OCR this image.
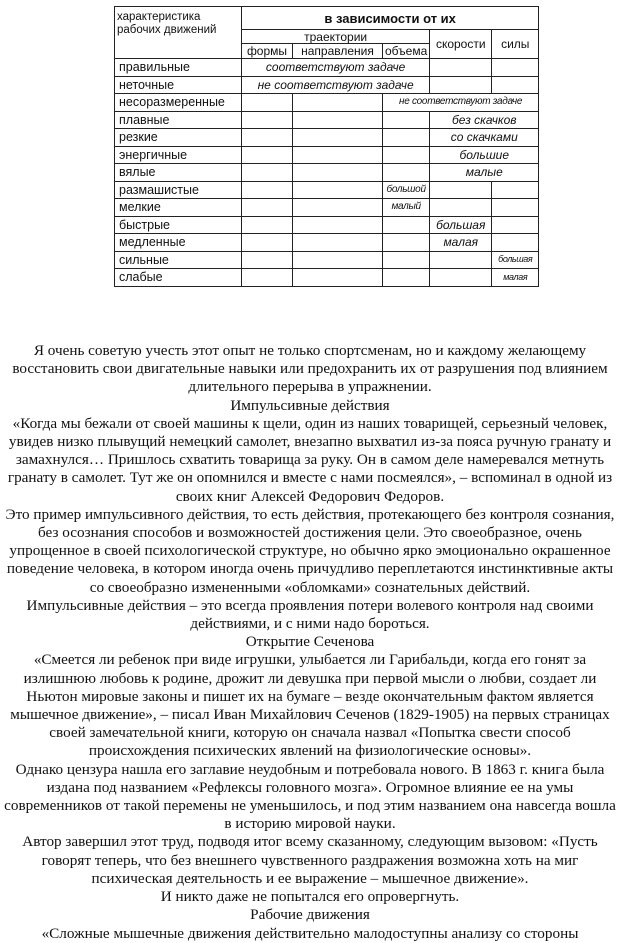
характеристика рабочих движений	в зависимости от их				
	траектории			скорости	силы
	формы	направления	объема		
правильные	соответствуют задаче				
неточные	не соответствуют задаче				
несоразмеренные			не соответствуют задаче		
плавные				без скачков	
резкие				со скачками	
энергичные				большие	
вялые				малые	
размашистые			большой		
мелкие			малый		
быстрые				большая	
медленные				малая	
сильные					большая
слабые					малая

Я очень советую учесть этот опыт не только спортсменам, но и каждому желающему восстановить свои двигательные навыки или предохранить их от разрушения под влиянием длительного перерыва в упражнении.

Импульсивные действия

«Когда мы бежали от своей машины к щели, один из наших товарищей, серьезный человек, увидев низко плывущий немецкий самолет, внезапно выхватил из-за пояса ручную гранату и замахнулся… Пришлось схватить товарища за руку. Он в самом деле намеревался метнуть гранату в самолет. Тут же он опомнился и вместе с нами посмеялся», – вспоминал в одной из своих книг Алексей Федорович Федоров.

Это пример импульсивного действия, то есть действия, протекающего без контроля сознания, без осознания способов и возможностей достижения цели. Это своеобразное, очень упрощенное в своей психологической структуре, но обычно ярко эмоционально окрашенное поведение человека, в котором иногда очень причудливо переплетаются инстинктивные акты со своеобразно измененными «обломками» сознательных действий.

Импульсивные действия – это всегда проявления потери волевого контроля над своими действиями, и с ними надо бороться.

Открытие Сеченова

«Смеется ли ребенок при виде игрушки, улыбается ли Гарибальди, когда его гонят за излишнюю любовь к родине, дрожит ли девушка при первой мысли о любви, создает ли Ньютон мировые законы и пишет их на бумаге – везде окончательным фактом является мышечное движение», – писал Иван Михайлович Сеченов (1829-1905) на первых страницах своей замечательной книги, которую он сначала назвал «Попытка свести способ происхождения психических явлений на физиологические основы».

Однако цензура нашла его заглавие неудобным и потребовала нового. В 1863 г. книга была издана под названием «Рефлексы головного мозга». Огромное влияние ее на умы современников от такой перемены не уменьшилось, и под этим названием она навсегда вошла в историю мировой науки.

Автор завершил этот труд, подводя итог всему сказанному, следующим вызовом: «Пусть говорят теперь, что без внешнего чувственного раздражения возможна хоть на миг психическая деятельность и ее выражение – мышечное движение».

И никто даже не попытался его опровергнуть.

Рабочие движения

«Сложные мышечные движения действительно малодоступны анализу со стороны
